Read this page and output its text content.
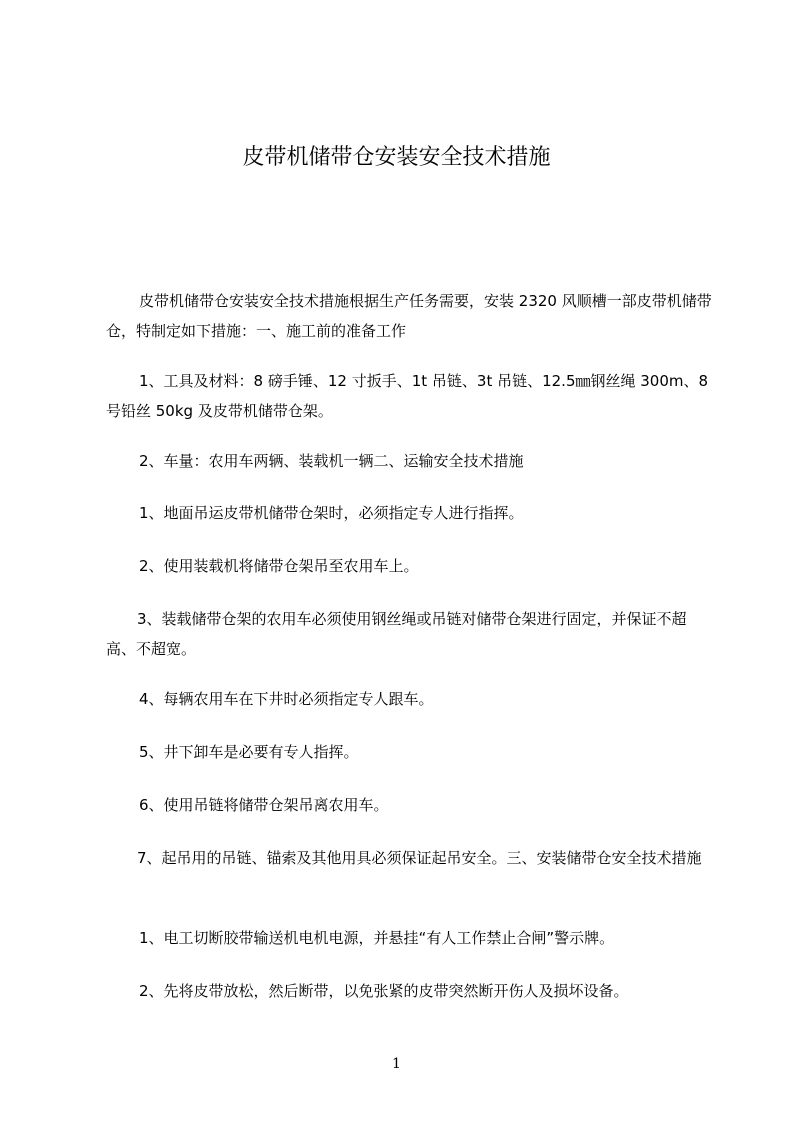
皮带机储带仓安装安全技术措施

皮带机储带仓安装安全技术措施根据生产任务需要，安装 2320 风顺槽一部皮带机储带仓，特制定如下措施：一、施工前的准备工作

1、工具及材料：8 磅手锤、12 寸扳手、1t 吊链、3t 吊链、12.5㎜钢丝绳 300m、8 号铅丝 50kg 及皮带机储带仓架。

2、车量：农用车两辆、装载机一辆二、运输安全技术措施

1、地面吊运皮带机储带仓架时，必须指定专人进行指挥。

2、使用装载机将储带仓架吊至农用车上。

3、装载储带仓架的农用车必须使用钢丝绳或吊链对储带仓架进行固定，并保证不超高、不超宽。

4、每辆农用车在下井时必须指定专人跟车。

5、井下卸车是必要有专人指挥。

6、使用吊链将储带仓架吊离农用车。

7、起吊用的吊链、锚索及其他用具必须保证起吊安全。三、安装储带仓安全技术措施

1、电工切断胶带输送机电机电源，并悬挂“有人工作禁止合闸”警示牌。

2、先将皮带放松，然后断带，以免张紧的皮带突然断开伤人及损坏设备。

1
